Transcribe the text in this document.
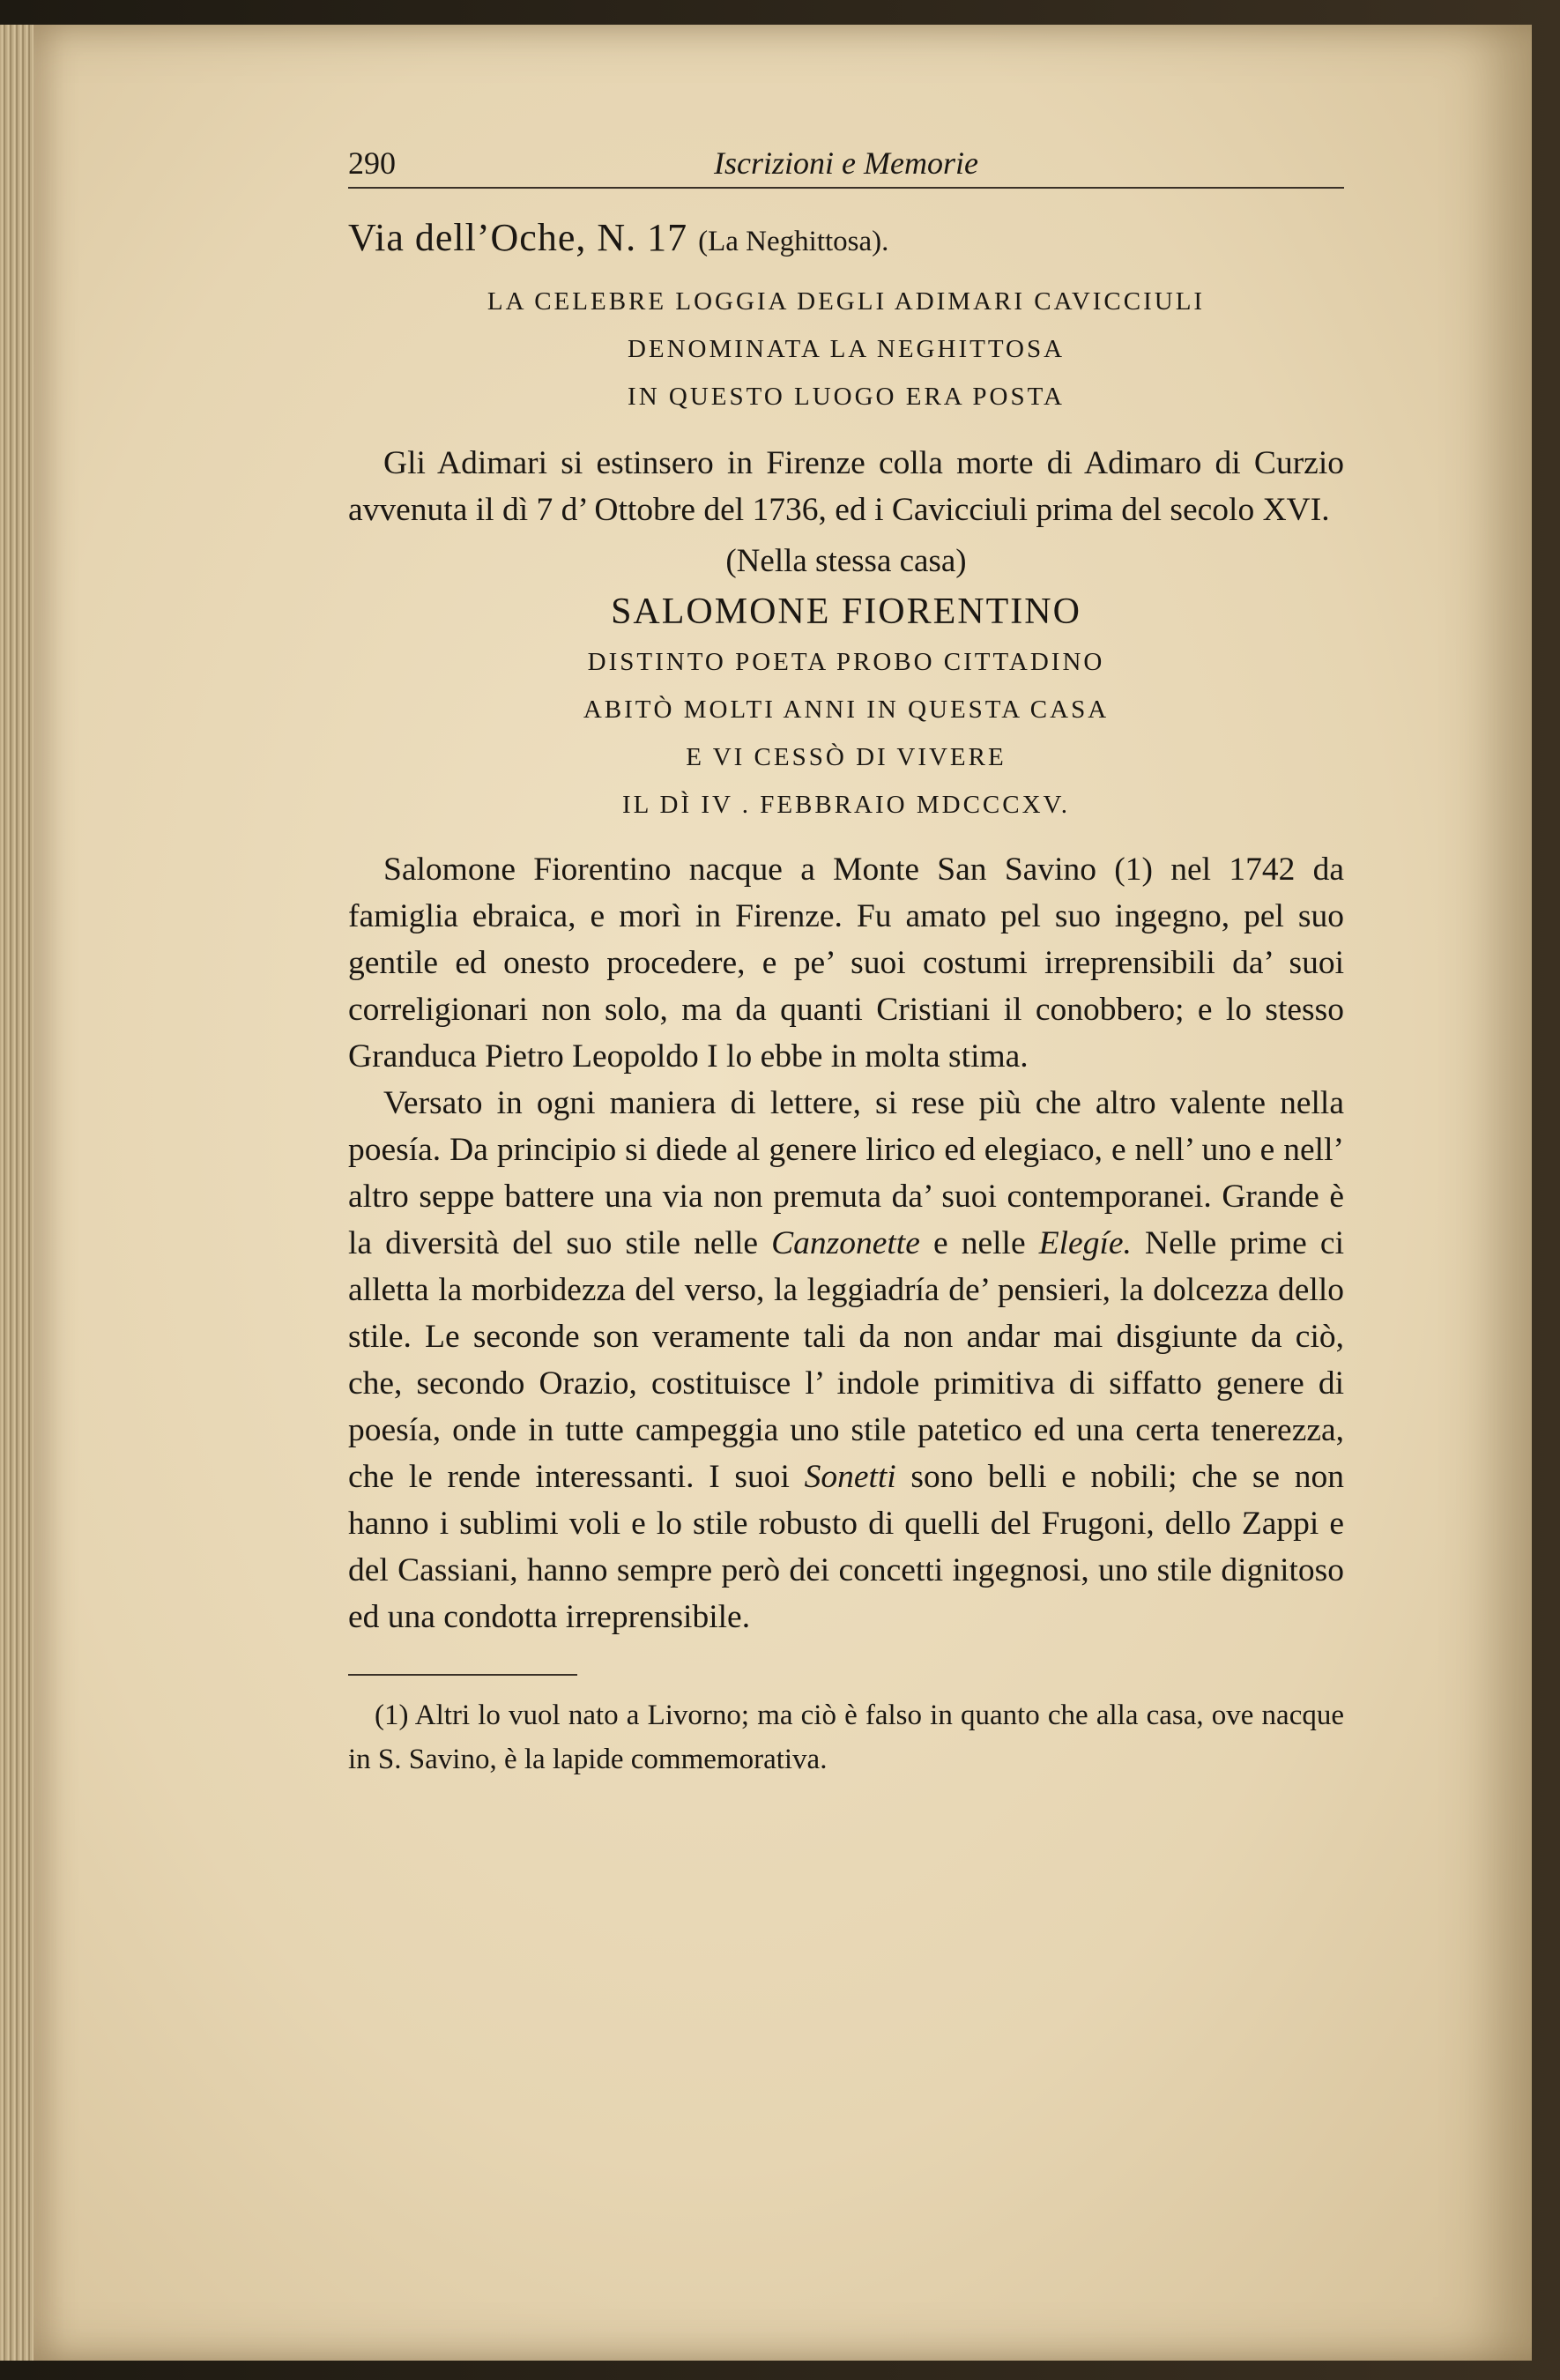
290	Iscrizioni e Memorie
Via dell’Oche, N. 17 (La Neghittosa).
LA CELEBRE LOGGIA DEGLI ADIMARI CAVICCIULI
DENOMINATA LA NEGHITTOSA
IN QUESTO LUOGO ERA POSTA

Gli Adimari si estinsero in Firenze colla morte di Adimaro di Curzio avvenuta il dì 7 d’ Ottobre del 1736, ed i Cavicciuli prima del secolo XVI.

(Nella stessa casa)
SALOMONE FIORENTINO
DISTINTO POETA PROBO CITTADINO
ABITÒ MOLTI ANNI IN QUESTA CASA
E VI CESSÒ DI VIVERE
IL DÌ IV . FEBBRAIO MDCCCXV.

Salomone Fiorentino nacque a Monte San Savino (1) nel 1742 da famiglia ebraica, e morì in Firenze. Fu amato pel suo ingegno, pel suo gentile ed onesto procedere, e pe’ suoi costumi irreprensibili da’ suoi correligionari non solo, ma da quanti Cristiani il conobbero; e lo stesso Granduca Pietro Leopoldo I lo ebbe in molta stima.

Versato in ogni maniera di lettere, si rese più che altro valente nella poesía. Da principio si diede al genere lirico ed elegiaco, e nell’ uno e nell’ altro seppe battere una via non premuta da’ suoi contemporanei. Grande è la diversità del suo stile nelle Canzonette e nelle Elegíe. Nelle prime ci alletta la morbidezza del verso, la leggiadría de’ pensieri, la dolcezza dello stile. Le seconde son veramente tali da non andar mai disgiunte da ciò, che, secondo Orazio, costituisce l’ indole primitiva di siffatto genere di poesía, onde in tutte campeggia uno stile patetico ed una certa tenerezza, che le rende interessanti. I suoi Sonetti sono belli e nobili; che se non hanno i sublimi voli e lo stile robusto di quelli del Frugoni, dello Zappi e del Cassiani, hanno sempre però dei concetti ingegnosi, uno stile dignitoso ed una condotta irreprensibile.

(1) Altri lo vuol nato a Livorno; ma ciò è falso in quanto che alla casa, ove nacque in S. Savino, è la lapide commemorativa.
